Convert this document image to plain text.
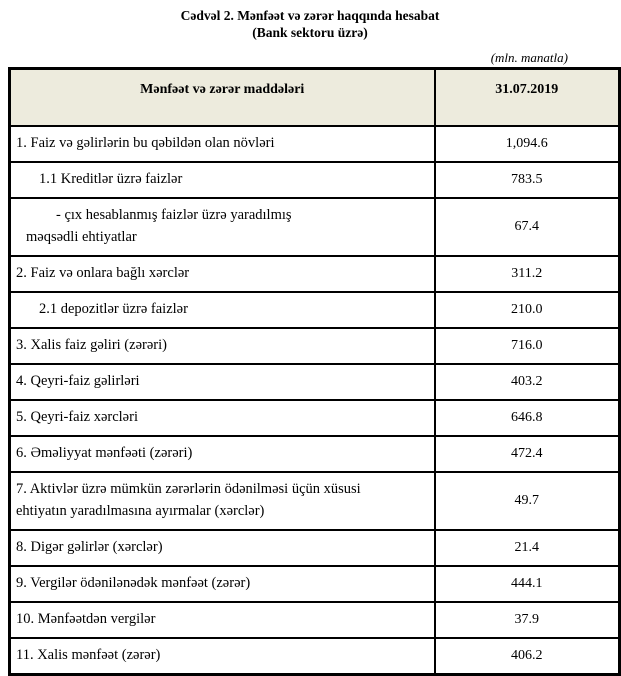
Cədvəl 2. Mənfəət və zərər haqqında hesabat
(Bank sektoru üzrə)
(mln. manatla)
Mənfəət və zərər maddələri	31.07.2019
1. Faiz və gəlirlərin bu qəbildən olan növləri	1,094.6
1.1 Kreditlər üzrə faizlər	783.5

- çıx hesablanmış faizlər üzrə yaradılmış
məqsədli ehtiyatlar	67.4
2. Faiz və onlara bağlı xərclər	311.2
2.1 depozitlər üzrə faizlər	210.0
3. Xalis faiz gəliri (zərəri)	716.0
4. Qeyri-faiz gəlirləri	403.2
5. Qeyri-faiz xərcləri	646.8
6. Əməliyyat mənfəəti (zərəri)	472.4

7. Aktivlər üzrə mümkün zərərlərin ödənilməsi üçün xüsusi
ehtiyatın yaradılmasına ayırmalar (xərclər)	49.7
8. Digər gəlirlər (xərclər)	21.4
9. Vergilər ödənilənədək mənfəət (zərər)	444.1
10. Mənfəətdən vergilər	37.9
11. Xalis mənfəət (zərər)	406.2
